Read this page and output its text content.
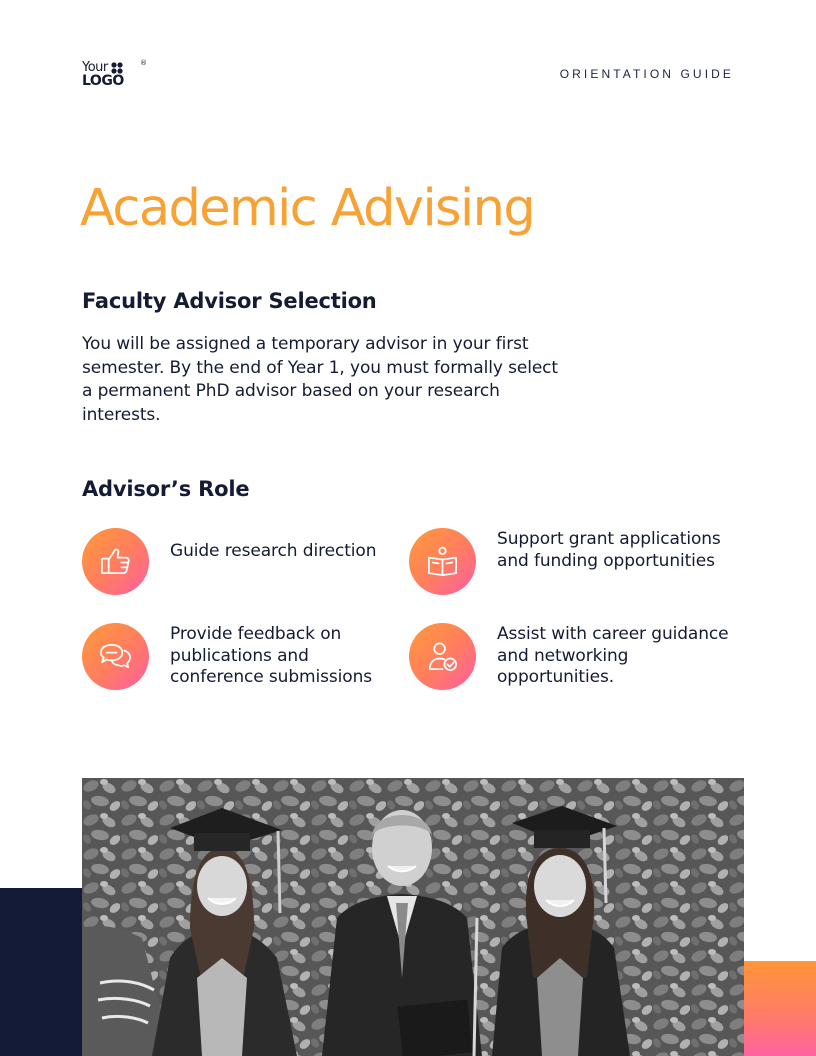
Your
LOGO
®
ORIENTATION GUIDE
Academic Advising
Faculty Advisor Selection

You will be assigned a temporary advisor in your first semester. By the end of Year 1, you must formally select a permanent PhD advisor based on your research interests.

Advisor’s Role

Guide research direction

Support grant applications and funding opportunities

Provide feedback on publications and conference submissions

Assist with career guidance and networking opportunities.
